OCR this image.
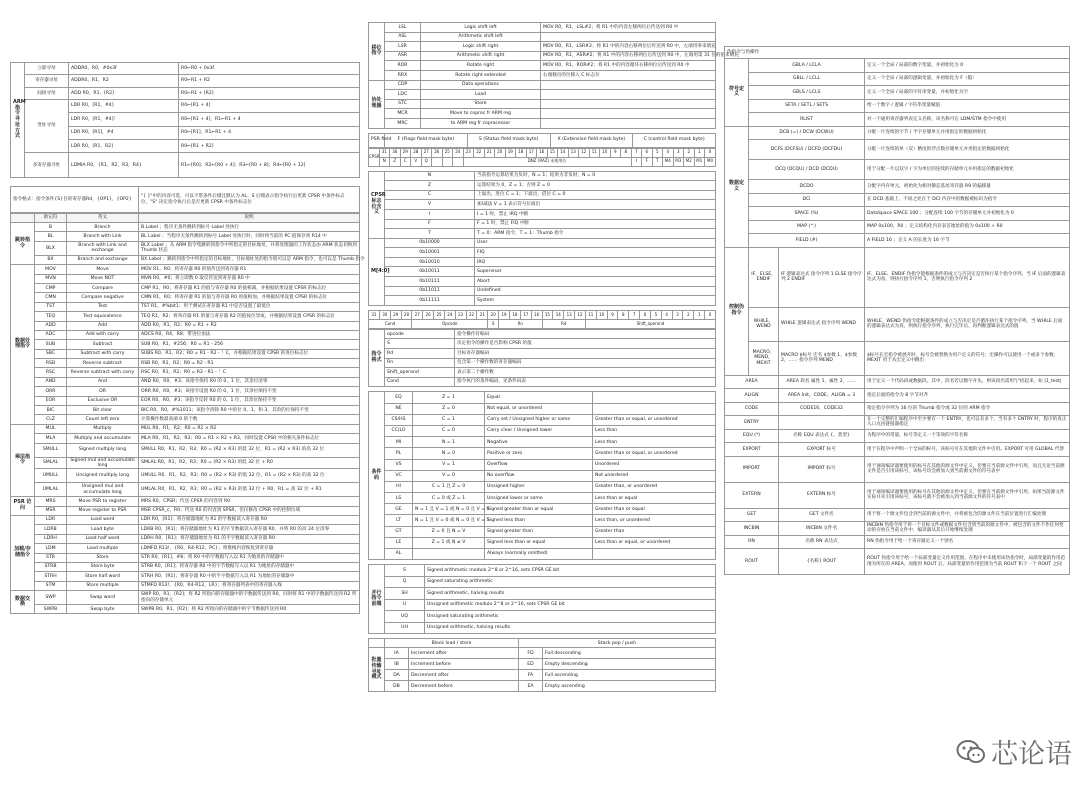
ARM 指令寻址方式	立即寻址	ADDR0，R0，#0x3f	R0←R0 + 0x3f
	寄存器寻址	ADDR0，R1，R2	R0←R1 + R2
	间接寻址	ADD R0，R1，[R2]	R0←R1 + [R2]
	变址寻址	LDR R0，[R1，#4]	R0←[R1 + 4]
		LDR R0，[R1，#4]！	R0←[R1 + 4]，R1←R1 + 4
		LDR R0，[R1]，#4	R0←[R1]，R1←R1 + 4
		LDR R0，[R1，R2]	R0←[R1 + R2]
	多寄存器寻址	LDMIA R0，{R1，R2，R3，R4}	R1←[R0]；R2←[R0 + 4]；R3←[R0 + 8]；R4←[R0 + 12]
指令格式：指令条件{S}目的寄存器Rd，{OP1}，{OP2}	"{ }"中的内容可选，可以不带条件后缀且默认为 AL。S 后缀表示指令执行后更新 CPSR 中条件标志位，"S" 决定指令执行后是否更新 CPSR 中条件标志位
	助记符	英文	说明
跳转指令	B	Branch	B Label ；程序无条件跳转到标号 Label 处执行
	BL	Branch with Link	BL Label ；当程序无条件跳转到标号 Label 处执行时，同时将当前的 PC 值保存到 R14 中
	BLX	Branch with Link and exchange	BLX Label ；从 ARM 指令集跳转到指令中所指定的目标地址，并将处理器的工作状态由 ARM 状态切换到 Thumb 状态
	BX	Branch and exchange	BX Label ；跳转到指令中所指定的目标地址，目标地址处的指令既可以是 ARM 指令，也可以是 Thumb 指令
数据处理指令	MOV	Move	MOV R1，R0；将寄存器 R0 的值传送到寄存器 R1
	MVN	Move NOT	MVN R0，#0；将立即数 0 取反传送到寄存器 R0 中
	CMP	Compare	CMP R1，R0；将寄存器 R1 的值与寄存器 R0 的值相减，并根据结果设置 CPSR 的标志位
	CMN	Compare negative	CMN R1，R0；将寄存器 R1 的值与寄存器 R0 的值相加，并根据结果设置 CPSR 的标志位
	TST	Test	TST R1，#%bit1；用于测试在寄存器 R1 中是否设置了最低位
	TEQ	Test equivalence	TEQ R1，R2；将寄存器 R1 的值与寄存器 R2 的值按位异或，并根据结果设置 CPSR 的标志位
	ADD	Add	ADD R0，R1，R2；R0 = R1 + R2
	ADC	Add with carry	ADCS R0，R4，R8；带进位加法
	SUB	Subtract	SUB R0，R1，#256；R0 = R1 - 256
	SBC	Subtract with carry	SUBS R0，R1，R2；R0 = R1 - R2 - ！C，并根据结果设置 CPSR 的进位标志位
	RSB	Reverse subtract	RSB R0，R1，R2；R0 = R2 - R1
	RSC	Reverse subtract with carry	RSC R0，R1，R2；R0 = R2 - R1 - ！C
	AND	And	AND R0，R0，#3；该指令保持 R0 的 0、1 位，其余位清零
	ORR	OR	ORR R0，R0，#3；该指令设置 R0 的 0、1 位，其余位保持不变
	EOR	Exclusive OR	EOR R0，R0，#3；该指令反转 R0 的 0、1 位，其余位保持不变
	BIC	Bit clear	BIC R0，R0，#%1011；该指令清除 R0 中的位 0、1、和 3，其余的位保持不变
	CLZ	Count left zero	计算操作数最高端 0 的个数
乘法指令	MUL	Multiply	MUL R0，R1，R2；R0 = R1 × R2
	MLA	Multiply and accumulate	MLA R0，R1，R2，R3；R0 = R1 × R2 + R3，同时设置 CPSR 中的相关条件标志位
	SMULL	Signed multiply long	SMULL R0，R1，R2，R3；R0 = (R2 × R3) 的低 32 位，R1 = (R2 × R3) 的高 32 位
	SMLAL	Signed mul and accumulate long	SMLAL R0，R1，R2，R3；R0 = (R2 × R3) 的低 32 位 + R0
	UMULL	Unsigned multiply long	UMULL R0，R1，R2，R3；R0 = (R2 × R3) 的低 32 位，R1 = (R2 × R3) 的高 32 位
	UMLAL	Unsigned mul and accumulate long	UMLAL R0，R1，R2，R3；R0 = (R2 × R3) 的低 32 位 + R0，R1 = 高 32 位 + R1
PSR 访问	MRS	Move PSR to register	MRS R0，CPSR；传送 CPSR 的内容到 R0
	MSR	Move register to PSR	MSR CPSR_c，R0；传送 R0 的内容到 SPSR，但仅修改 CPSR 中的控制位域
加载/存储指令	LDR	Load word	LDR R0，[R1]；将存储器地址为 R1 的字数据读入寄存器 R0
	LDRB	Load byte	LDRB R0，[R1]；将存储器地址为 R1 的字节数据读入寄存器 R0，并将 R0 的高 24 位清零
	LDRH	Load half word	LDRH R0，[R1]；将存储器地址为 R1 的半字数据读入寄存器 R0
	LDM	Load multiple	LDMFD R13!，{R0，R4-R12，PC}；将堆栈内容恢复到寄存器
	STR	Store	STR R0，[R1]，#8；将 R0 中的字数据写入以 R1 为地址的存储器中
	STRB	Store byte	STRB R0，[R1]；将寄存器 R0 中的字节数据写入以 R1 为地址的存储器中
	STRH	Store half word	STRH R0，[R1]；将寄存器 R0 中的半字数据写入以 R1 为地址的存储器中
	STM	Store multiple	STMFD R13!，{R0，R4-R12，LR}；将寄存器列表中的寄存器入栈
数据交换	SWP	Swap word	SWP R0，R1，[R2]；将 R2 所指向的存储器中的字数据传送到 R0，同时将 R1 中的字数据传送到 R2 所指向的存储单元
	SWPB	Swap byte	SWPB R0，R1，[R2]；将 R2 所指向的存储器中的字节数据传送到 R0
移位指令	LSL	Logic shift left	MOV R0，R1，LSL#2；将 R1 中的内容左移两位后传送到 R0 中
	ASL	Arithmetic shift left	
	LSR	Logic shift right	MOV R0，R1，LSR#2；将 R1 中的内容右移两位后传送到 R0 中，左端用零来填充
	ASR	Arithmetic shift right	MOV R0，R1，ASR#2；将 R1 中的内容右移两位后传送到 R0 中，左端用第 31 位的值来填充
	ROR	Rotate right	MOV R0，R1，ROR#2；将 R1 中的内容循环右移两位后传送到 R0 中
	RRX	Rotate right extended	右端移出的位移入 C 标志位
协处理器	CDP	Data operations	
	LDC	Load	
	STC	Store	
	MCR	Move to coproc fr ARM reg	
	MRC	to ARM reg fr coprocessor	
PSR field	F (Flags field mask byte)	S (Status field mask byte)	X (Extension field mask byte)	C (control field mask byte)
CPSR	31	30	29	28	27	26	25	24	23	22	21	20	19	18	17	16	15	14	13	12	11	10	9	8	7	6	5	4	3	2	1	0
	N	Z	C	V	Q				DNZ (RAZ) 未使用位																I	F	T	M4	M3	M2	M1	M0
CPSR 标志位含义	N	当前指令运算结果为负时，N = 1；结果为非负时，N = 0
	Z	运算结果为 0，Z = 1；否则 Z = 0
	C	上溢出，进位 C = 1；下溢出，借位 C = 0
	V	加/减法 V = 1 表示符号位溢出
	I	I = 1 时，禁止 IRQ 中断
	F	F = 1 时，禁止 FIQ 中断
	T	T = 0：ARM 指令，T = 1：Thumb 指令
M[4:0]	0b10000	User
	0b10001	FIQ
	0b10010	IRQ
	0b10011	Supervisor
	0b10111	Abort
	0b11011	Undefined
	0b11111	System
31	30	29	28	27	26	25	24	23	22	21	20	19	18	17	16	15	14	13	12	11	10	9	8	7	6	5	4	3	2	1	0
Cond				Opcode							S	Rn				Rd				Shift_operand											
指令格式	opcode	指令操作符编码
	S	决定指令的操作是否影响 CPSR 的值
	Rd	目标寄存器编码
	Rn	包含第一个操作数的寄存器编码
	Shift_operand	表示第二个操作数
	Cond	指令执行的条件编码，见条件码表
条件码	EQ	Z = 1	Equal	
	NE	Z = 0	Not equal, or unordered	
	CS/HS	C = 1	Carry set / Unsigned higher or same	Greater than or equal, or unordered
	CC/LO	C = 0	Carry clear / Unsigned lower	Less than
	MI	N = 1	Negative	Less than
	PL	N = 0	Positive or zero	Greater than or equal, or unordered
	VS	V = 1	Overflow	Unordered
	VC	V = 0	No overflow	Not unordered
	HI	C = 1 且 Z = 0	Unsigned higher	Greater than, or unordered
	LS	C = 0 或 Z = 1	Unsigned lower or same	Less than or equal
	GE	N = 1 且 V = 1 或 N = 0 且 V = 0	Signed greater than or equal	Greater than or equal
	LT	N = 1 且 V = 0 或 N = 0 且 V = 1	Signed less than	Less than, or unordered
	GT	Z = 0 且 N = V	Signed greater than	Greater than
	LE	Z = 1 或 N ≠ V	Signed less than or equal	Less than or equal, or unordered
	AL		Always (normally omitted)	
并行指令前缀	S	Signed arithmetic modulo 2^8 or 2^16, sets CPSR GE bit
	Q	Signed saturating arithmetic
	SH	Signed arithmetic, halving results
	U	Unsigned arithmetic modulo 2^8 or 2^16, sets CPSR GE bit
	UQ	Unsigned saturating arithmetic
	UH	Unsigned arithmetic, halving results
	Block load / store		Stack pop / push	
批量传输寻址模式	IA	Increment after	FD	Full descending
	IB	Increment before	ED	Empty descending
	DA	Decrement after	FA	Full ascending
	DB	Decrement before	EA	Empty ascending
伪指令与伪操作			
符号定义	GBLA / LCLA		定义一个全局 / 局部的数字变量，并初始化为 0
	GBLL / LCLL		定义一个全局 / 局部的逻辑变量，并初始化为 F（假）
	GBLS / LCLS		定义一个全局 / 局部的字符串变量，并初始化为空
	SETA / SETL / SETS		给一个数字 / 逻辑 / 字符串变量赋值
	RLIST		对一个通用寄存器列表定义名称，该名称可在 LDM/STM 指令中使用
数据定义	DCB (=) / DCW (DCWU)		分配一片连续的字节 / 半字存储单元并用指定的数据初始化
	DCFS (DCFSU) / DCFD (DCFDU)		分配一片连续的单（双）精度的浮点数存储单元并用指定的数据初始化
	DCQ (DCQU) / DCD (DCDU)		用于分配一片以双字 / 字为单位的连续的存储单元并用指定的数据初始化
	DCDO		分配字内存单元，初始化为相对静态基址寄存器 R9 的偏移量
	DCI		在 DCD 基础上，不同之处在于 DCI 内存中的数据被标识为指令
	SPACE (%)		DataSpace SPACE 100 ；分配连续 100 字节的存储单元并初始化为 0
	MAP (^)		MAP 0x100，R0 ；定义结构化内存表首地址的值为 0x100 + R0
	FIELD (#)		A FIELD 16 ；定义 A 的长度为 16 字节
控制伪指令	IF，ELSE，ENDIF	IF 逻辑表达式 指令序列 1 ELSE 指令序列 2 ENDIF	IF、ELSE、ENDIF 伪指令能根据条件的成立与否决定是否执行某个指令序列。当 IF 后面的逻辑表达式为真，则执行指令序列 1，否则执行指令序列 2
	WHILE，WEND	WHILE 逻辑表达式 指令序列 WEND	WHILE、WEND 伪指令能根据条件的成立与否决定是否循环执行某个指令序列。当 WHILE 后面的逻辑表达式为真，则执行指令序列，执行完毕后，再判断逻辑表达式的值
	MACRO，MEND，MEXIT	MACRO $标号 宏名 $参数 1，$参数 2，…… 指令序列 MEND	$标号在宏指令被展开时，标号会被替换为用户定义的符号；宏操作可以使用一个或多个参数；MEXIT 用于从宏定义中跳出
AREA		AREA 段名 属性 1，属性 2，……	用于定义一个代码段或数据段。其中，段名若以数字开头，则该段名需用"|"括起来，如 |1_test|
ALIGN		AREA Init，CODE，ALIGN = 3	指定后面的指令为 8 字节对齐
CODE		CODE16，CODE32	指定指令序列为 16 位的 Thumb 指令或 32 位的 ARM 指令
ENTRY			在一个完整的汇编程序中至少要有一个 ENTRY，也可以有多个，当有多个 ENTRY 时，程序的真正入口点由链接器指定
EQU (*)		名称 EQU 表达式 {，类型}	为程序中的常量、标号等定义一个等效的字符名称
EXPORT		EXPORT 标号	用于在程序中声明一个全局的标号，该标号可在其他的文件中引用。EXPORT 可用 GLOBAL 代替
IMPORT		IMPORT 标号	用于通知编译器要使用的标号在其他的源文件中定义，但要在当前源文件中引用，而且无论当前源文件是否引用该标号，该标号均会被加入到当前源文件的符号表中
EXTERN		EXTERN 标号	用于通知编译器要使用的标号在其他的源文件中定义，但要在当前源文件中引用，如果当前源文件实际并未引用该标号，该标号就不会被加入到当前源文件的符号表中
GET		GET 文件名	用于将一个源文件包含到当前的源文件中，并将被包含的源文件在当前位置进行汇编处理
INCBIN		INCBIN 文件名	INCBIN 伪指令用于将一个目标文件或数据文件包含到当前的源文件中，被包含的文件不作任何变动的存放在当前文件中，编译器从其后开始继续处理
RN		名称 RN 表达式	RN 伪指令用于给一个寄存器定义一个别名
ROUT		{名称} ROUT	ROUT 伪指令用于给一个局部变量定义作用范围。在程序中未使用该伪指令时，局部变量的作用范围为所在的 AREA，而使用 ROUT 后，局部变量的作用范围为当前 ROUT 和下一个 ROUT 之间
芯论语
